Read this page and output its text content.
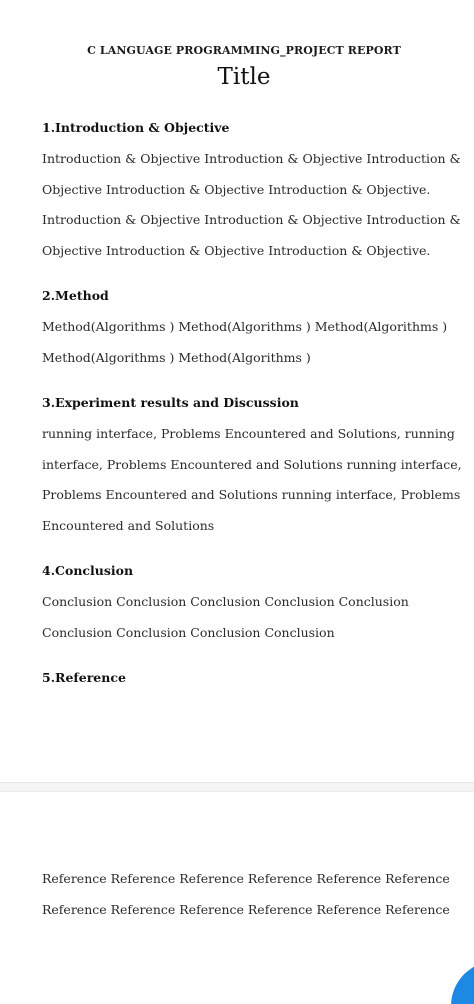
C LANGUAGE PROGRAMMING_PROJECT REPORT
Title
1.Introduction & Objective

Introduction & Objective Introduction & Objective Introduction &
Objective Introduction & Objective Introduction & Objective.
Introduction & Objective Introduction & Objective Introduction &
Objective Introduction & Objective Introduction & Objective.

2.Method

Method(Algorithms ) Method(Algorithms ) Method(Algorithms )
Method(Algorithms ) Method(Algorithms )

3.Experiment results and Discussion

running interface, Problems Encountered and Solutions, running
interface, Problems Encountered and Solutions running interface,
Problems Encountered and Solutions running interface, Problems
Encountered and Solutions

4.Conclusion

Conclusion Conclusion Conclusion Conclusion Conclusion
Conclusion Conclusion Conclusion Conclusion

5.Reference

Reference Reference Reference Reference Reference Reference
Reference Reference Reference Reference Reference Reference
